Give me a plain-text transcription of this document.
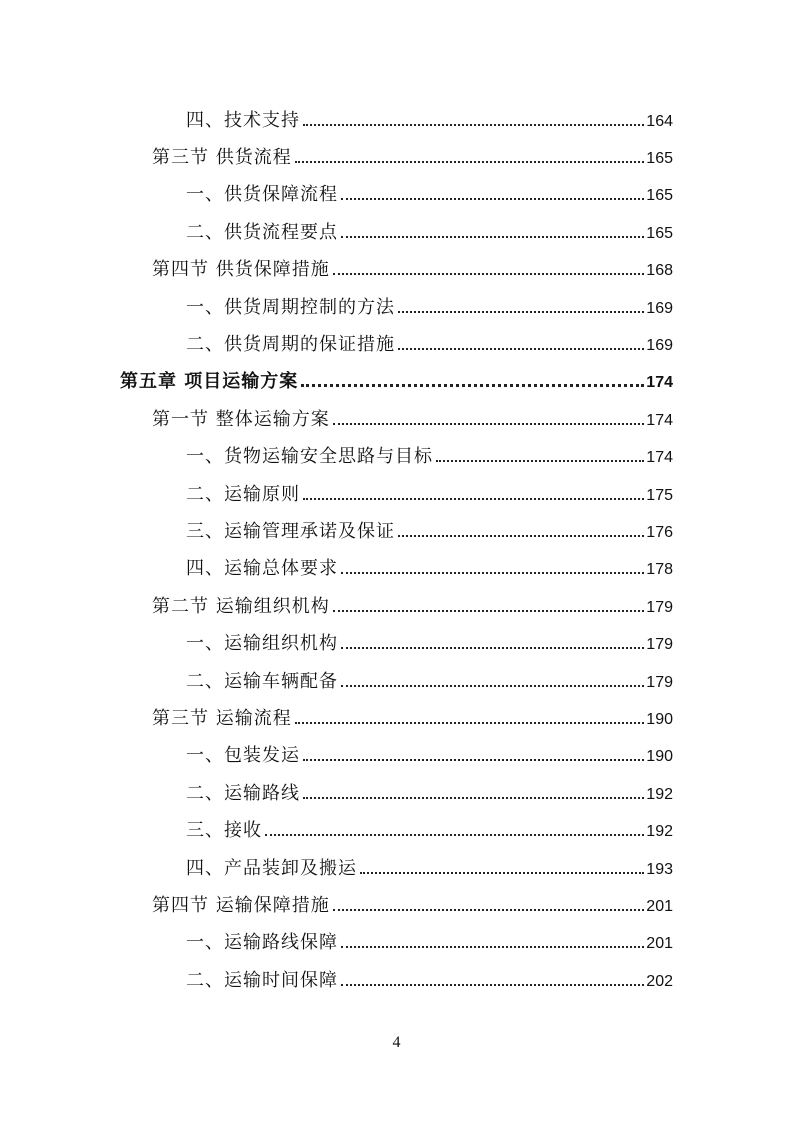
四、技术支持	164
第三节 供货流程	165
一、供货保障流程	165
二、供货流程要点	165
第四节 供货保障措施	168
一、供货周期控制的方法	169
二、供货周期的保证措施	169
第五章 项目运输方案	174
第一节 整体运输方案	174
一、货物运输安全思路与目标	174
二、运输原则	175
三、运输管理承诺及保证	176
四、运输总体要求	178
第二节 运输组织机构	179
一、运输组织机构	179
二、运输车辆配备	179
第三节 运输流程	190
一、包装发运	190
二、运输路线	192
三、接收	192
四、产品装卸及搬运	193
第四节 运输保障措施	201
一、运输路线保障	201
二、运输时间保障	202
4
